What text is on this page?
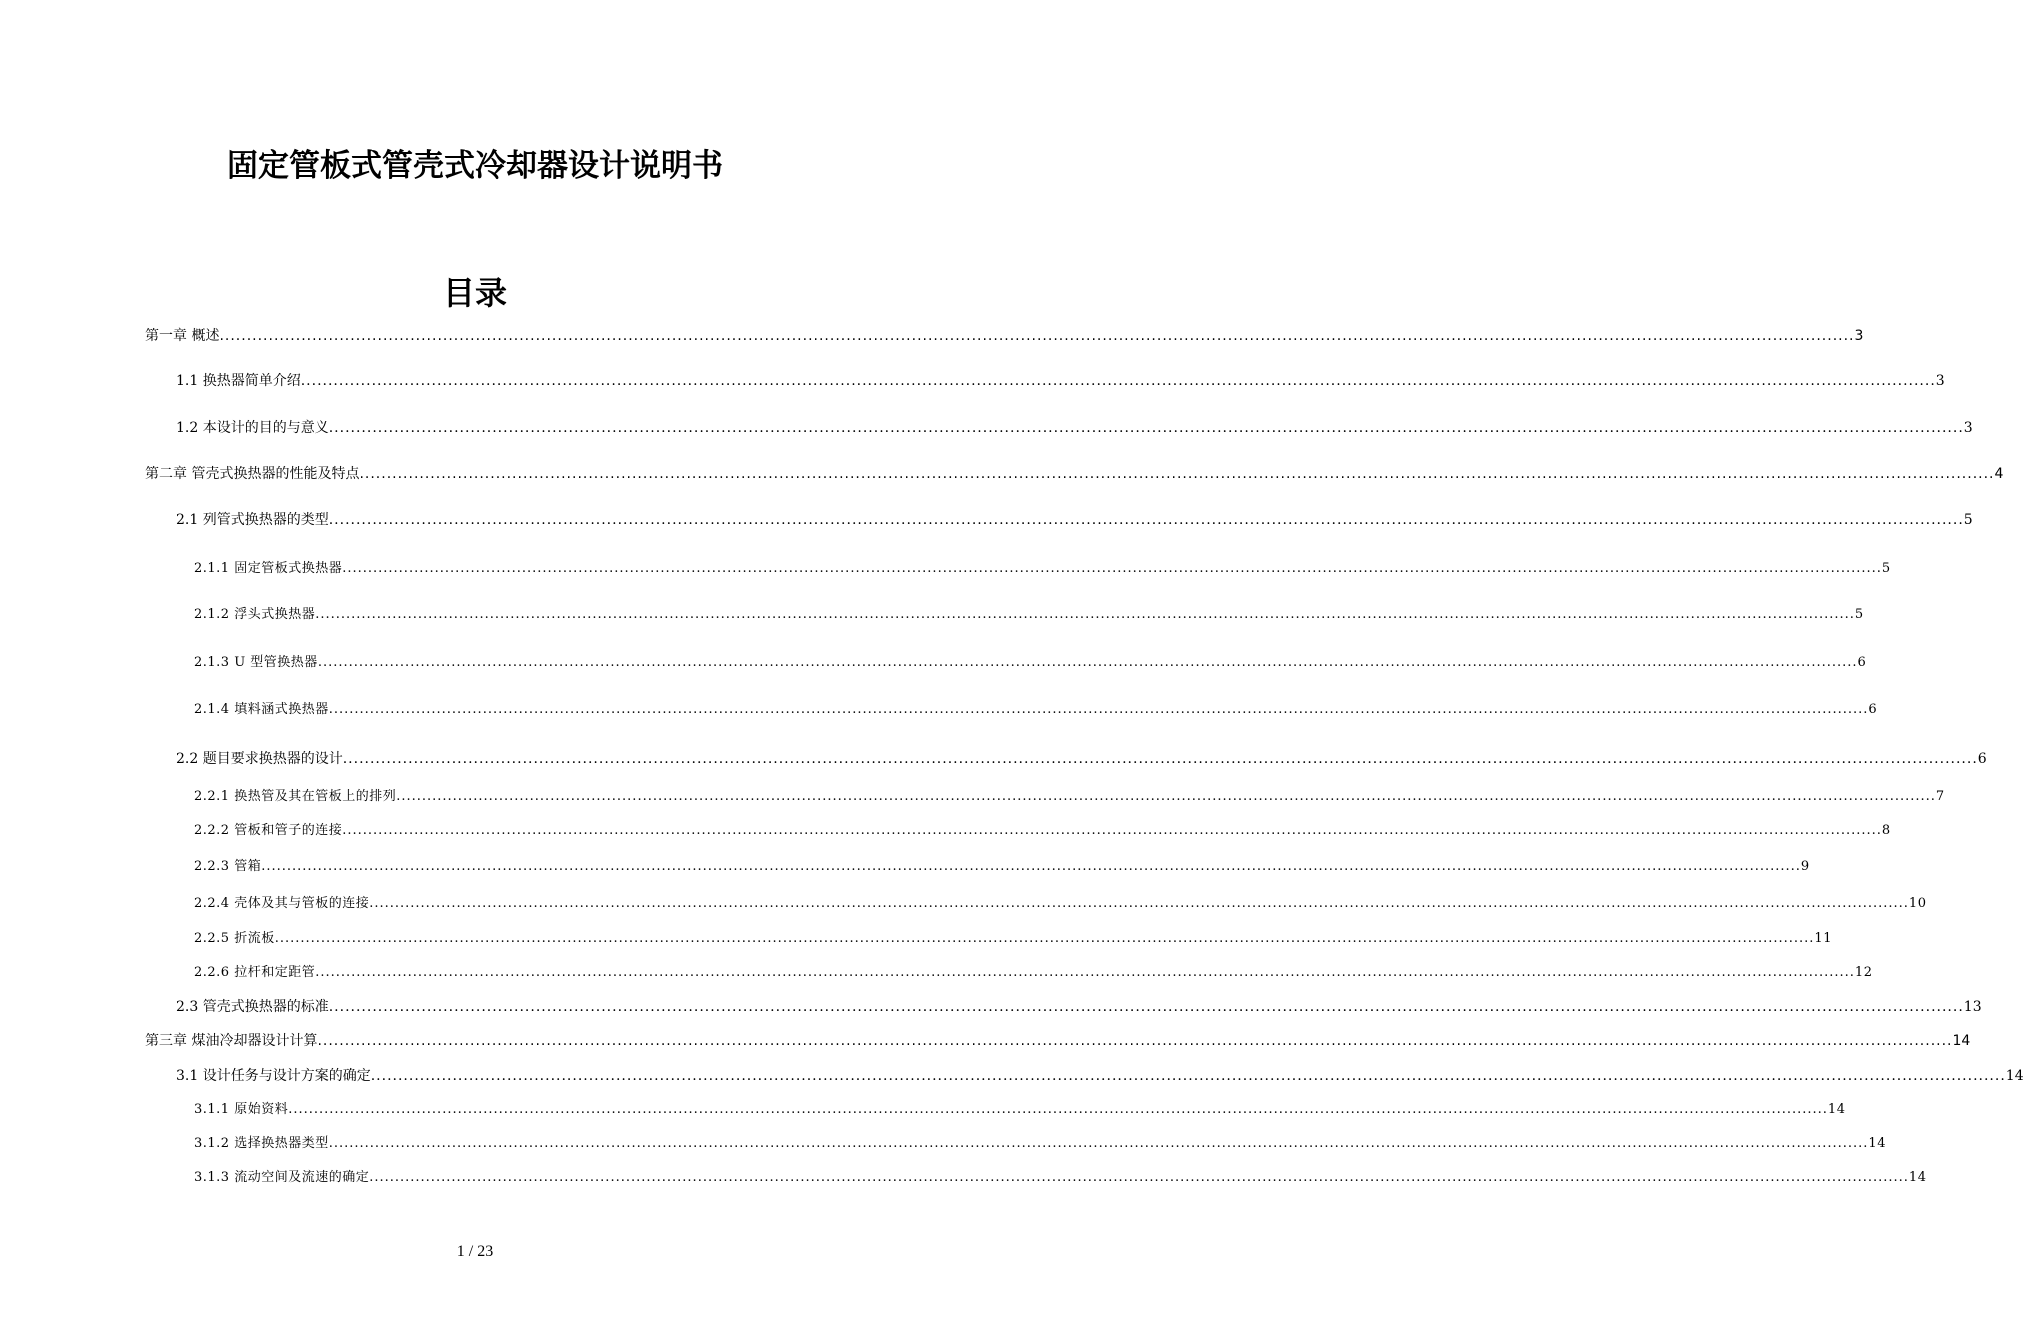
固定管板式管壳式冷却器设计说明书
目录
第一章 概述 ............................................................................................................................................................................................................................................................................................................ 3
1.1 换热器简单介绍 ............................................................................................................................................................................................................................................................................................................ 3
1.2 本设计的目的与意义 ............................................................................................................................................................................................................................................................................................................ 3
第二章 管壳式换热器的性能及特点 ............................................................................................................................................................................................................................................................................................................ 4
2.1 列管式换热器的类型 ............................................................................................................................................................................................................................................................................................................ 5
2.1.1 固定管板式换热器 ............................................................................................................................................................................................................................................................................................................ 5
2.1.2 浮头式换热器 ............................................................................................................................................................................................................................................................................................................ 5
2.1.3 U 型管换热器 ............................................................................................................................................................................................................................................................................................................ 6
2.1.4 填料涵式换热器 ............................................................................................................................................................................................................................................................................................................ 6
2.2 题目要求换热器的设计 ............................................................................................................................................................................................................................................................................................................ 6
2.2.1 换热管及其在管板上的排列 ............................................................................................................................................................................................................................................................................................................ 7
2.2.2 管板和管子的连接 ............................................................................................................................................................................................................................................................................................................ 8
2.2.3 管箱 ............................................................................................................................................................................................................................................................................................................ 9
2.2.4 壳体及其与管板的连接 ............................................................................................................................................................................................................................................................................................................ 10
2.2.5 折流板 ............................................................................................................................................................................................................................................................................................................ 11
2.2.6 拉杆和定距管 ............................................................................................................................................................................................................................................................................................................ 12
2.3 管壳式换热器的标准 ............................................................................................................................................................................................................................................................................................................ 13
第三章 煤油冷却器设计计算 ............................................................................................................................................................................................................................................................................................................ 14
3.1 设计任务与设计方案的确定 ............................................................................................................................................................................................................................................................................................................ 14
3.1.1 原始资料 ............................................................................................................................................................................................................................................................................................................ 14
3.1.2 选择换热器类型 ............................................................................................................................................................................................................................................................................................................ 14
3.1.3 流动空间及流速的确定 ............................................................................................................................................................................................................................................................................................................ 14
1 / 23
